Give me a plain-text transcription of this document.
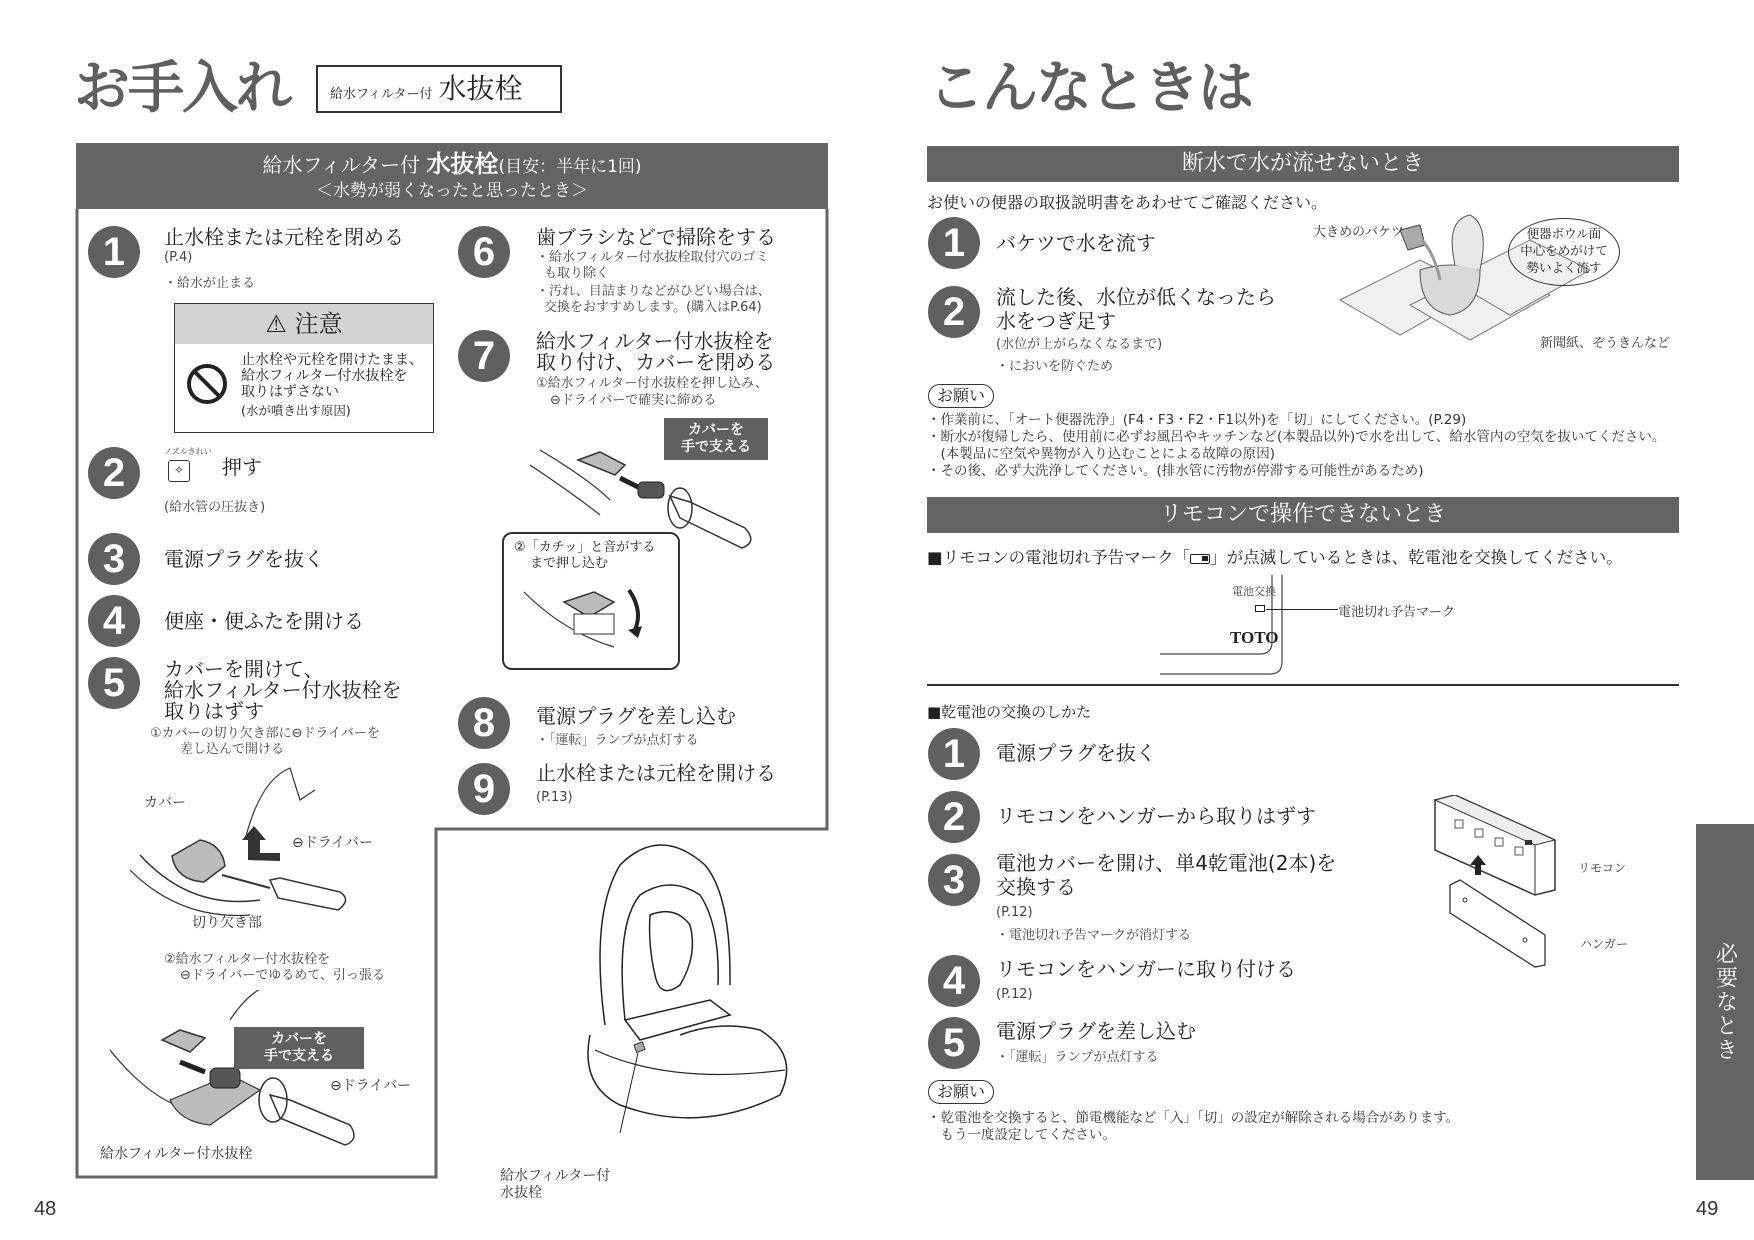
お手入れ	給水フィルター付 水抜栓
給水フィルター付 水抜栓(目安：半年に1回)
＜水勢が弱くなったと思ったとき＞
1	止水栓または元栓を閉める
(P.4)
・給水が止まる
⚠ 注意
止水栓や元栓を開けたまま、
給水フィルター付水抜栓を
取りはずさない
(水が噴き出す原因)
2	ノズルきれい
✧ 押す
(給水管の圧抜き)
3	電源プラグを抜く
4	便座・便ふたを開ける
5	カバーを開けて、
給水フィルター付水抜栓を
取りはずす
①カバーの切り欠き部に⊖ドライバーを
差し込んで開ける
カバー
⊖ドライバー
切り欠き部
②給水フィルター付水抜栓を
⊖ドライバーでゆるめて、引っ張る
カバーを
手で支える
⊖ドライバー
給水フィルター付水抜栓
6	歯ブラシなどで掃除をする
・給水フィルター付水抜栓取付穴のゴミ
も取り除く
・汚れ、目詰まりなどがひどい場合は、
交換をおすすめします。(購入はP.64)
7	給水フィルター付水抜栓を
取り付け、カバーを閉める
①給水フィルター付水抜栓を押し込み、
⊖ドライバーで確実に締める
カバーを
手で支える
②「カチッ」と音がする
まで押し込む
8	電源プラグを差し込む
・「運転」ランプが点灯する
9	止水栓または元栓を開ける
(P.13)
給水フィルター付
水抜栓
48
こんなときは
断水で水が流せないとき
お使いの便器の取扱説明書をあわせてご確認ください。
1	バケツで水を流す
2	流した後、水位が低くなったら
水をつぎ足す
(水位が上がらなくなるまで)
・においを防ぐため
大きめのバケツ	便器ボウル面
中心をめがけて
勢いよく流す
新聞紙、ぞうきんなど
お願い
・作業前に、「オート便器洗浄」(F4・F3・F2・F1以外)を「切」にしてください。(P.29)
・断水が復帰したら、使用前に必ずお風呂やキッチンなど(本製品以外)で水を出して、給水管内の空気を抜いてください。
　(本製品に空気や異物が入り込むことによる故障の原因)
・その後、必ず大洗浄してください。(排水管に汚物が停滞する可能性があるため)
リモコンで操作できないとき
■リモコンの電池切れ予告マーク「 」が点滅しているときは、乾電池を交換してください。
電池交換
電池切れ予告マーク
TOTO
■乾電池の交換のしかた
1	電源プラグを抜く
2	リモコンをハンガーから取りはずす
3	電池カバーを開け、単4乾電池(2本)を
交換する
(P.12)
・電池切れ予告マークが消灯する
4	リモコンをハンガーに取り付ける
(P.12)
5	電源プラグを差し込む
・「運転」ランプが点灯する
リモコン
ハンガー
お願い
・乾電池を交換すると、節電機能など「入」「切」の設定が解除される場合があります。
　もう一度設定してください。
必要なとき
49
